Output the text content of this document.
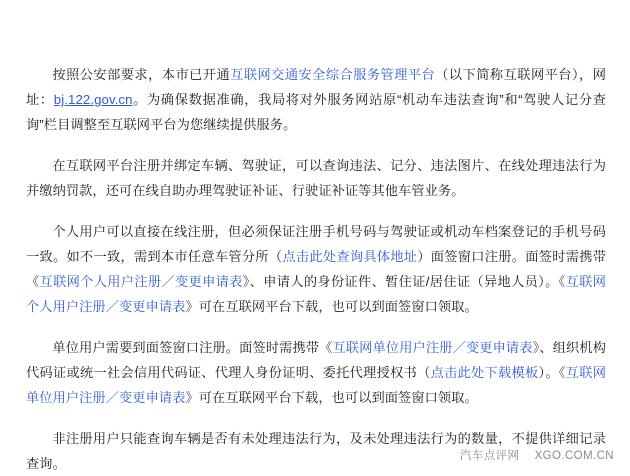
按照公安部要求，本市已开通互联网交通安全综合服务管理平台（以下简称互联网平台），网址：bj.122.gov.cn。为确保数据准确，我局将对外服务网站原“机动车违法查询”和“驾驶人记分查询”栏目调整至互联网平台为您继续提供服务。

在互联网平台注册并绑定车辆、驾驶证，可以查询违法、记分、违法图片、在线处理违法行为并缴纳罚款，还可在线自助办理驾驶证补证、行驶证补证等其他车管业务。

个人用户可以直接在线注册，但必须保证注册手机号码与驾驶证或机动车档案登记的手机号码一致。如不一致，需到本市任意车管分所（点击此处查询具体地址）面签窗口注册。面签时需携带《互联网个人用户注册／变更申请表》、申请人的身份证件、暂住证/居住证（异地人员）。《互联网个人用户注册／变更申请表》可在互联网平台下载，也可以到面签窗口领取。

单位用户需要到面签窗口注册。面签时需携带《互联网单位用户注册／变更申请表》、组织机构代码证或统一社会信用代码证、代理人身份证明、委托代理授权书（点击此处下载模板）。《互联网单位用户注册／变更申请表》可在互联网平台下载，也可以到面签窗口领取。

非注册用户只能查询车辆是否有未处理违法行为，及未处理违法行为的数量，不提供详细记录查询。	汽车点评网 XGO.COM.CN
